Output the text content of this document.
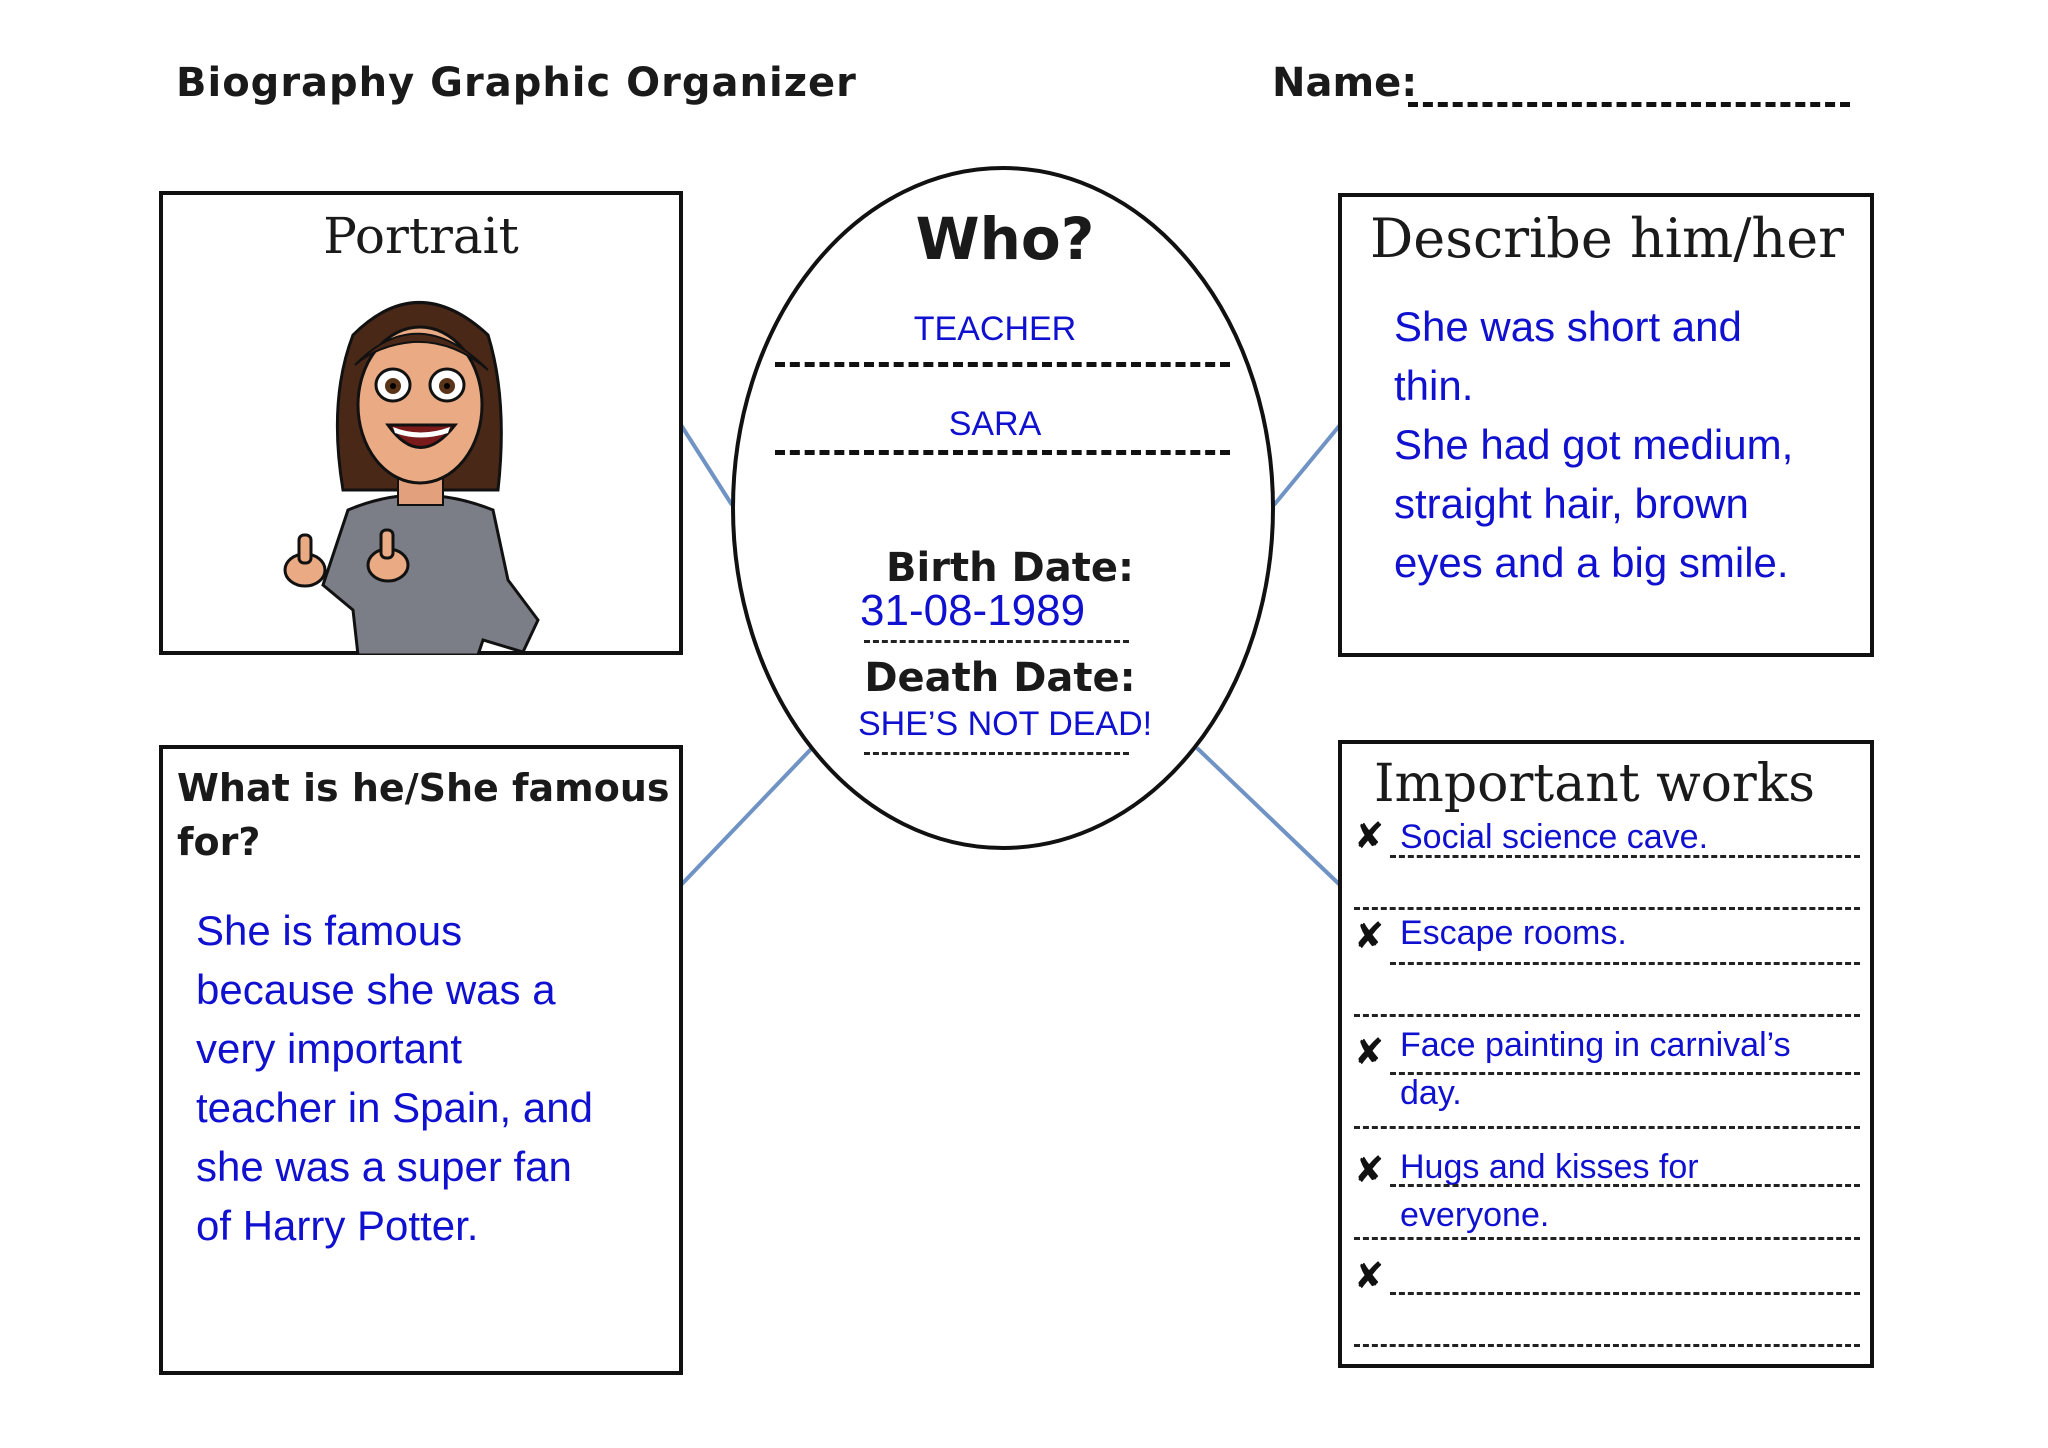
Biography Graphic Organizer	Name:
Portrait	Who?
TEACHER
SARA
Birth Date:
31-08-1989
Death Date:
SHE’S NOT DEAD!
Describe him/her
She was short and
thin.
She had got medium,
straight hair, brown
eyes and a big smile.
What is he/She famous
for?
She is famous
because she was a
very important
teacher in Spain, and
she was a super fan
of Harry Potter.
Important works
✘ Social science cave.
✘ Escape rooms.
✘ Face painting in carnival’s
day.
✘ Hugs and kisses for
everyone.
✘
